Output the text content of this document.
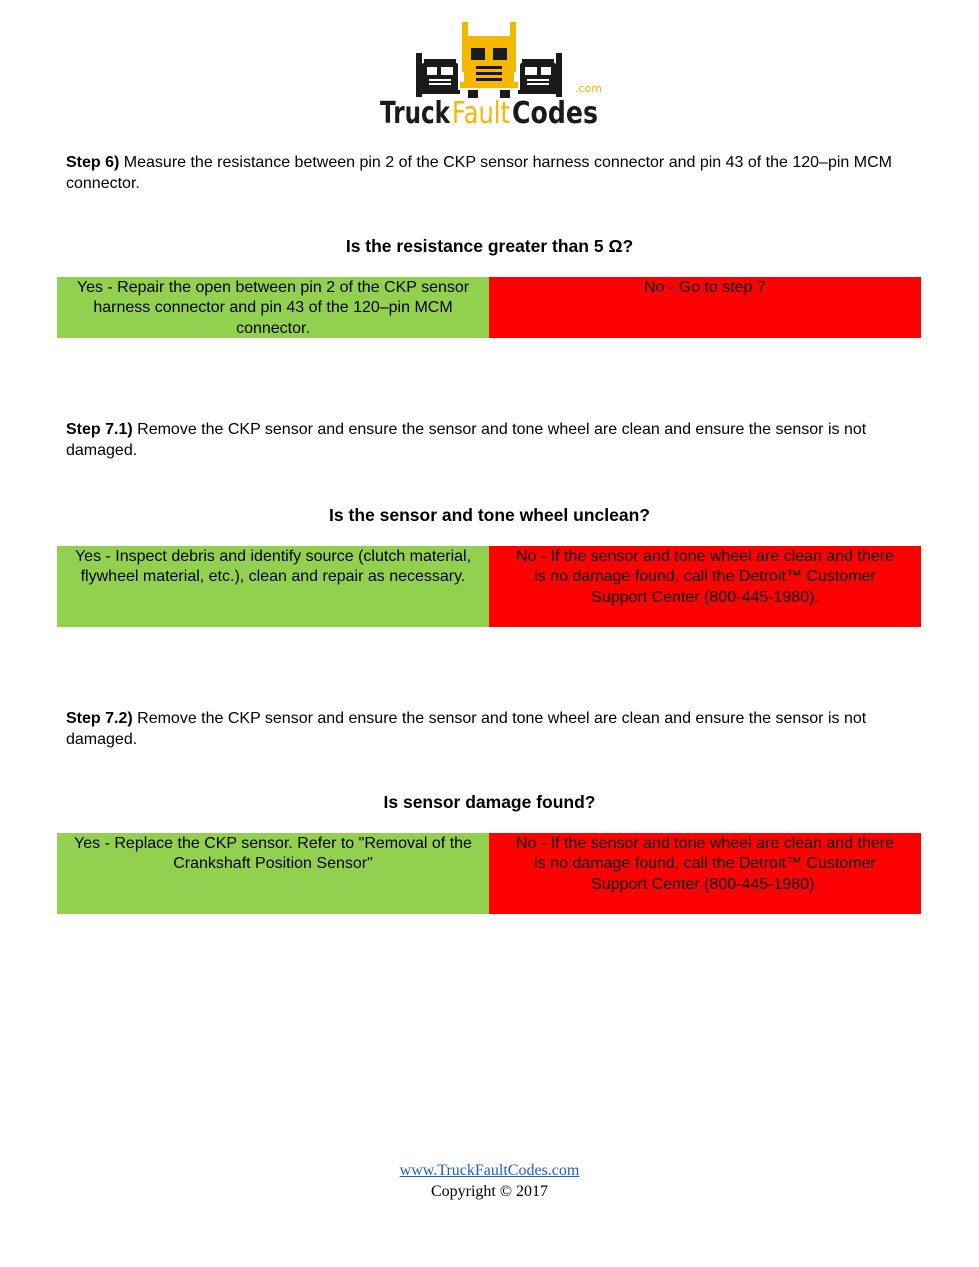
Truck Fault Codes
.com
Step 6) Measure the resistance between pin 2 of the CKP sensor harness connector and pin 43 of the 120–pin MCM connector.
Is the resistance greater than 5 Ω?
Yes - Repair the open between pin 2 of the CKP sensor harness connector and pin 43 of the 120–pin MCM connector.
No - Go to step 7
Step 7.1) Remove the CKP sensor and ensure the sensor and tone wheel are clean and ensure the sensor is not damaged.
Is the sensor and tone wheel unclean?
Yes - Inspect debris and identify source (clutch material, flywheel material, etc.), clean and repair as necessary.
No - If the sensor and tone wheel are clean and there is no damage found, call the Detroit™ Customer Support Center (800-445-1980).
Step 7.2) Remove the CKP sensor and ensure the sensor and tone wheel are clean and ensure the sensor is not damaged.
Is sensor damage found?
Yes - Replace the CKP sensor. Refer to "Removal of the Crankshaft Position Sensor"
No - If the sensor and tone wheel are clean and there is no damage found, call the Detroit™ Customer Support Center (800-445-1980).
www.TruckFaultCodes.com
Copyright © 2017
